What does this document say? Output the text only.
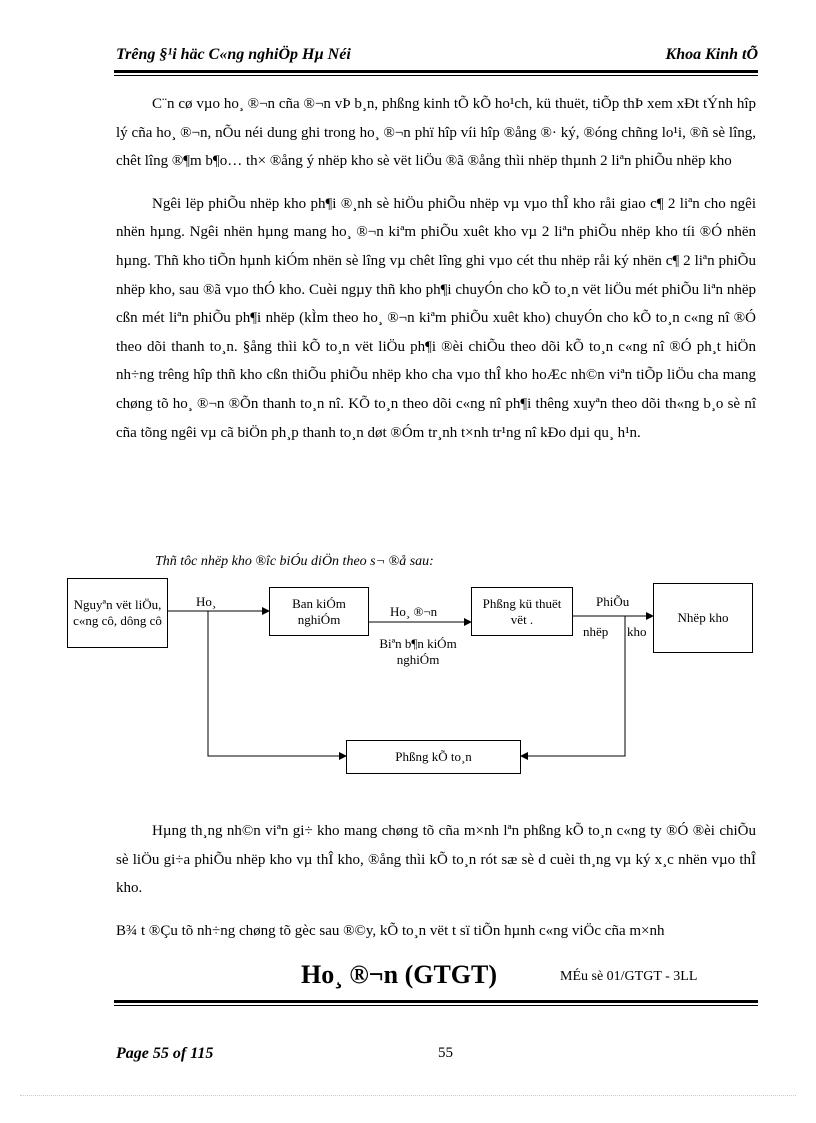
Trêng §¹i häc C«ng nghiÖp Hµ Néi	Khoa Kinh tÕ

C¨n cø vµo ho¸ ®¬n cña ®¬n vÞ b¸n, phßng kinh tÕ kÕ ho¹ch, kü thuët, tiÕp thÞ xem xÐt tÝnh hîp lý cña ho¸ ®¬n, nÕu néi dung ghi trong ho¸ ®¬n phï hîp víi hîp ®ång ®· ký, ®óng chñng lo¹i, ®ñ sè lîng, chêt lîng ®¶m b¶o… th× ®ång ý nhëp kho sè vët liÖu ®ã ®ång thìi nhëp thµnh 2 liªn phiÕu nhëp kho

Ngêi lëp phiÕu nhëp kho ph¶i ®¸nh sè hiÖu phiÕu nhëp vµ vµo thÎ kho råi giao c¶ 2 liªn cho ngêi nhën hµng. Ngêi nhën hµng mang ho¸ ®¬n kiªm phiÕu xuêt kho vµ 2 liªn phiÕu nhëp kho tíi ®Ó nhën hµng. Thñ kho tiÕn hµnh kiÓm nhën sè lîng vµ chêt lîng ghi vµo cét thu nhëp råi ký nhën c¶ 2 liªn phiÕu nhëp kho, sau ®ã vµo thÓ kho. Cuèi ngµy thñ kho ph¶i chuyÓn cho kÕ to¸n vët liÖu mét phiÕu liªn nhëp cßn mét liªn phiÕu ph¶i nhëp (kÌm theo ho¸ ®¬n kiªm phiÕu xuêt kho) chuyÓn cho kÕ to¸n c«ng nî ®Ó theo dõi thanh to¸n. §ång thìi kÕ to¸n vët liÖu ph¶i ®èi chiÕu theo dõi kÕ to¸n c«ng nî ®Ó ph¸t hiÖn nh÷ng trêng hîp thñ kho cßn thiÕu phiÕu nhëp kho cha vµo thÎ kho hoÆc nh©n viªn tiÕp liÖu cha mang chøng tõ ho¸ ®¬n ®Õn thanh to¸n nî. KÕ to¸n theo dõi c«ng nî ph¶i thêng xuyªn theo dõi th«ng b¸o sè nî cña tõng ngêi vµ cã biÖn ph¸p thanh to¸n døt ®Óm tr¸nh t×nh tr¹ng nî kÐo dµi qu¸ h¹n.

Thñ tôc nhëp kho ®îc biÓu diÖn theo s¬ ®å sau:
Nguyªn vët liÖu, c«ng cô, dông cô
Ho¸	Ban kiÓm nghiÓm	Ho¸ ®¬n
Biªn b¶n kiÓm nghiÓm
Phßng kü thuët vët .
PhiÕu
nhëp kho
Nhëp kho
Phßng kÕ to¸n

Hµng th¸ng nh©n viªn gi÷ kho mang chøng tõ cña m×nh lªn phßng kÕ to¸n c«ng ty ®Ó ®èi chiÕu sè liÖu gi÷a phiÕu nhëp kho vµ thÎ kho, ®ång thìi kÕ to¸n rót sæ sè d cuèi th¸ng vµ ký x¸c nhën vµo thÎ kho.

B¾ t ®Çu tõ nh÷ng chøng tõ gèc sau ®©y, kÕ to¸n vët t sï tiÕn hµnh c«ng viÖc cña m×nh

Ho¸ ®¬n (GTGT)	MÉu sè 01/GTGT - 3LL
Page 55 of 115	55
